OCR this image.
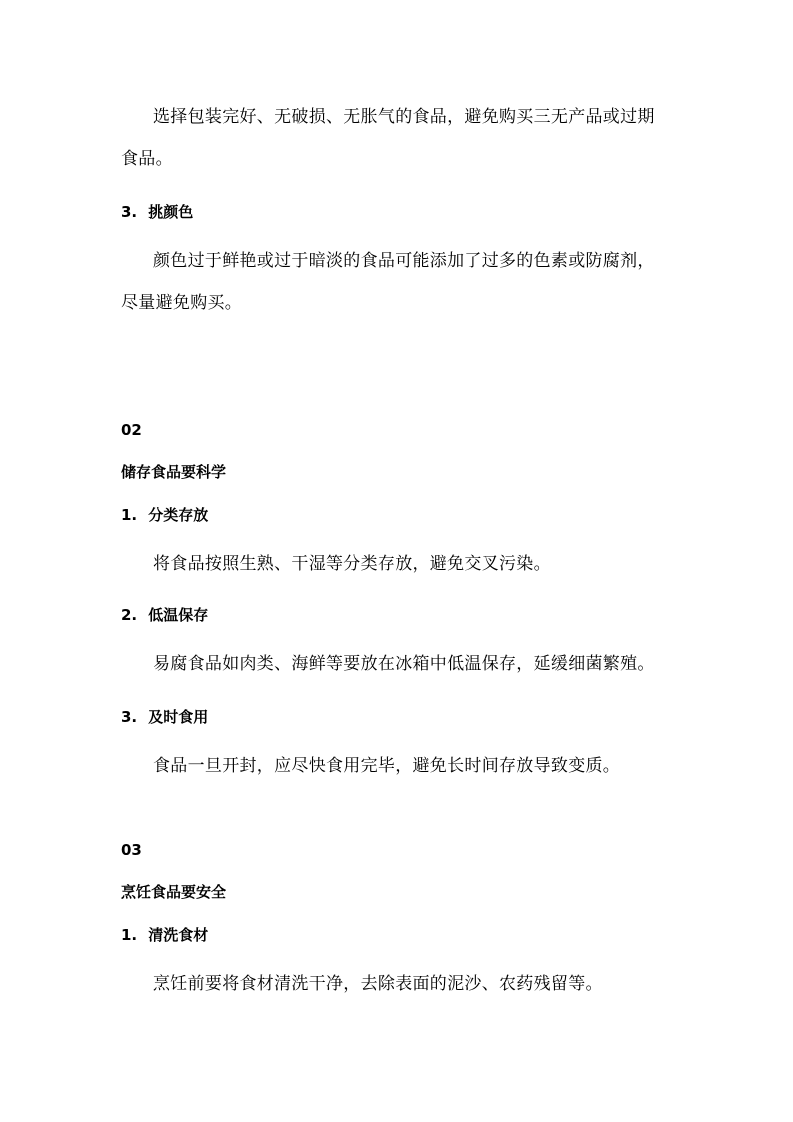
选择包装完好、无破损、无胀气的食品，避免购买三无产品或过期食品。

3. 挑颜色

颜色过于鲜艳或过于暗淡的食品可能添加了过多的色素或防腐剂，尽量避免购买。

02
储存食品要科学
1. 分类存放

将食品按照生熟、干湿等分类存放，避免交叉污染。

2. 低温保存

易腐食品如肉类、海鲜等要放在冰箱中低温保存，延缓细菌繁殖。

3. 及时食用

食品一旦开封，应尽快食用完毕，避免长时间存放导致变质。

03
烹饪食品要安全
1. 清洗食材

烹饪前要将食材清洗干净，去除表面的泥沙、农药残留等。
